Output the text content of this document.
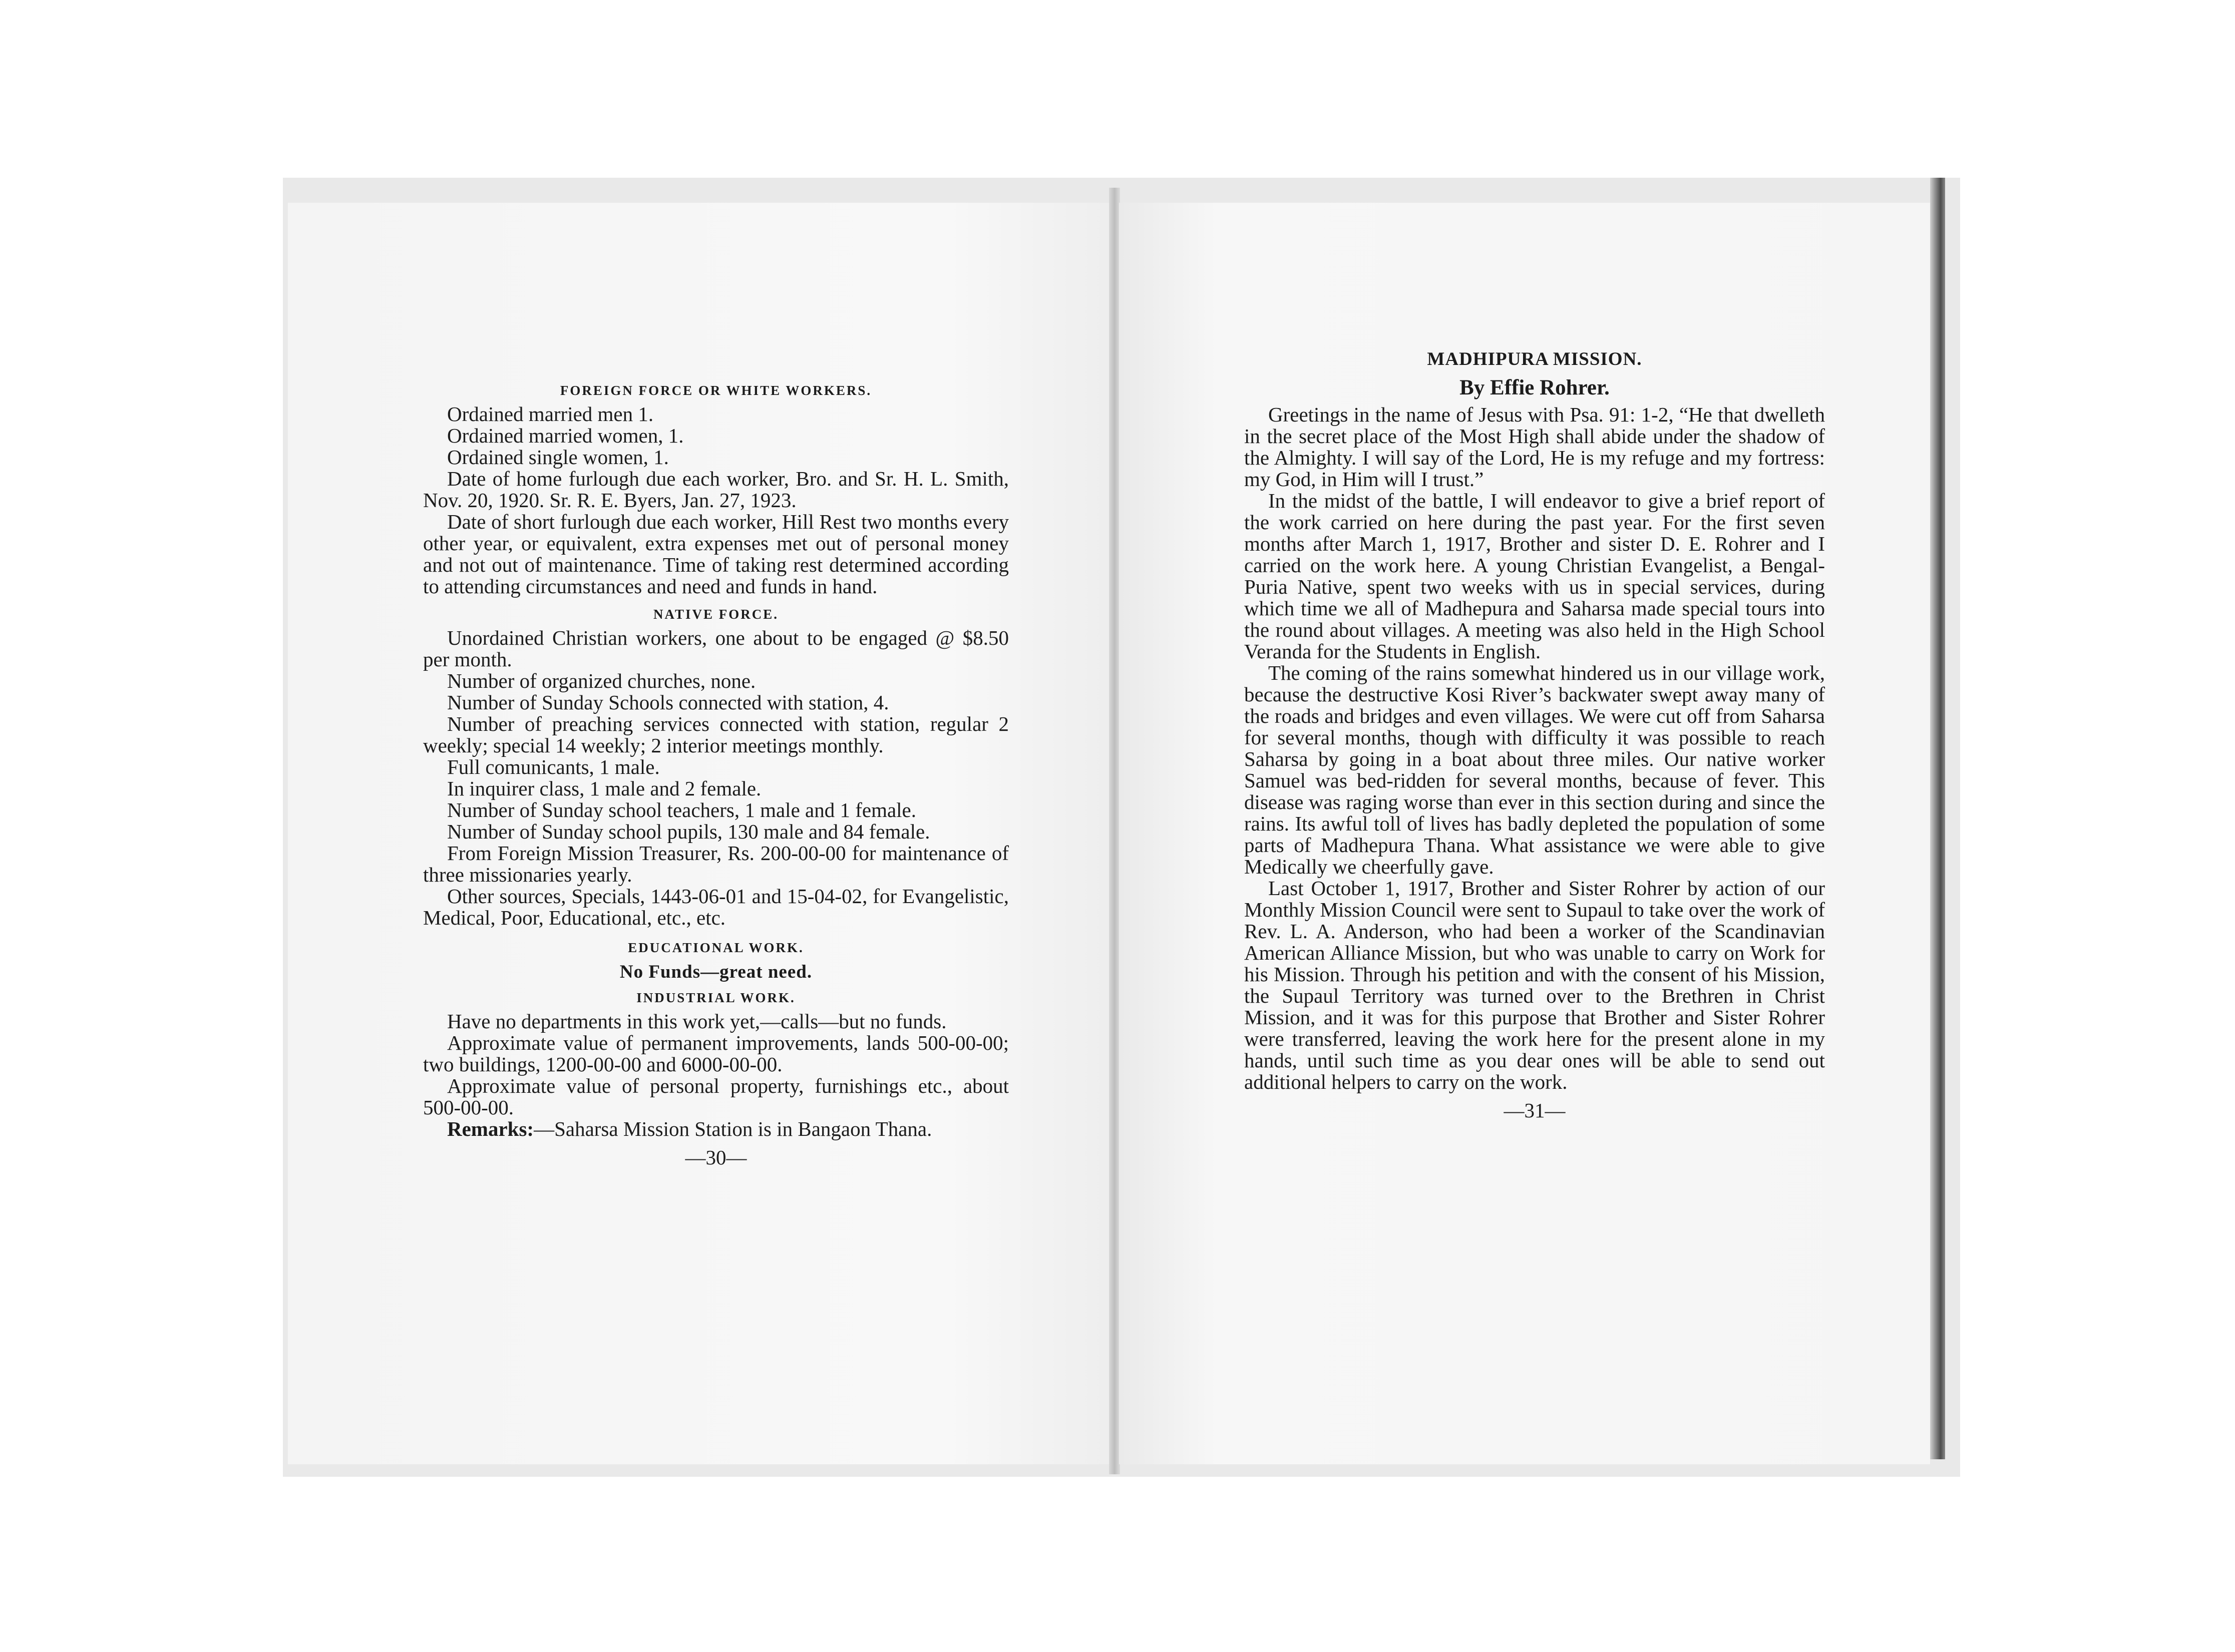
FOREIGN FORCE OR WHITE WORKERS.

Ordained married men 1.

Ordained married women, 1.

Ordained single women, 1.

Date of home furlough due each worker, Bro. and Sr. H. L. Smith, Nov. 20, 1920. Sr. R. E. Byers, Jan. 27, 1923.

Date of short furlough due each worker, Hill Rest two months every other year, or equivalent, extra expenses met out of personal money and not out of maintenance. Time of taking rest determined according to attending circumstances and need and funds in hand.

NATIVE FORCE.

Unordained Christian workers, one about to be engaged @ $8.50 per month.

Number of organized churches, none.

Number of Sunday Schools connected with station, 4.

Number of preaching services connected with station, regular 2 weekly; special 14 weekly; 2 interior meetings monthly.

Full comunicants, 1 male.

In inquirer class, 1 male and 2 female.

Number of Sunday school teachers, 1 male and 1 female.

Number of Sunday school pupils, 130 male and 84 female.

From Foreign Mission Treasurer, Rs. 200-00-00 for maintenance of three missionaries yearly.

Other sources, Specials, 1443-06-01 and 15-04-02, for Evangelistic, Medical, Poor, Educational, etc., etc.

EDUCATIONAL WORK.
No Funds—great need.
INDUSTRIAL WORK.

Have no departments in this work yet,—calls—but no funds.

Approximate value of permanent improvements, lands 500-00-00; two buildings, 1200-00-00 and 6000-00-00.

Approximate value of personal property, furnishings etc., about 500-00-00.

Remarks:—Saharsa Mission Station is in Bangaon Thana.

—30—
MADHIPURA MISSION.
By Effie Rohrer.

Greetings in the name of Jesus with Psa. 91: 1-2, “He that dwelleth in the secret place of the Most High shall abide under the shadow of the Almighty. I will say of the Lord, He is my refuge and my fortress: my God, in Him will I trust.”

In the midst of the battle, I will endeavor to give a brief report of the work carried on here during the past year. For the first seven months after March 1, 1917, Brother and sister D. E. Rohrer and I carried on the work here. A young Christian Evangelist, a Bengal-Puria Native, spent two weeks with us in special services, during which time we all of Madhepura and Saharsa made special tours into the round about villages. A meeting was also held in the High School Veranda for the Students in English.

The coming of the rains somewhat hindered us in our village work, because the destructive Kosi River’s backwater swept away many of the roads and bridges and even villages. We were cut off from Saharsa for several months, though with difficulty it was possible to reach Saharsa by going in a boat about three miles. Our native worker Samuel was bed-ridden for several months, because of fever. This disease was raging worse than ever in this section during and since the rains. Its awful toll of lives has badly depleted the population of some parts of Madhepura Thana. What assistance we were able to give Medically we cheerfully gave.

Last October 1, 1917, Brother and Sister Rohrer by action of our Monthly Mission Council were sent to Supaul to take over the work of Rev. L. A. Anderson, who had been a worker of the Scandinavian American Alliance Mission, but who was unable to carry on Work for his Mission. Through his petition and with the consent of his Mission, the Supaul Territory was turned over to the Brethren in Christ Mission, and it was for this purpose that Brother and Sister Rohrer were transferred, leaving the work here for the present alone in my hands, until such time as you dear ones will be able to send out additional helpers to carry on the work.

—31—
